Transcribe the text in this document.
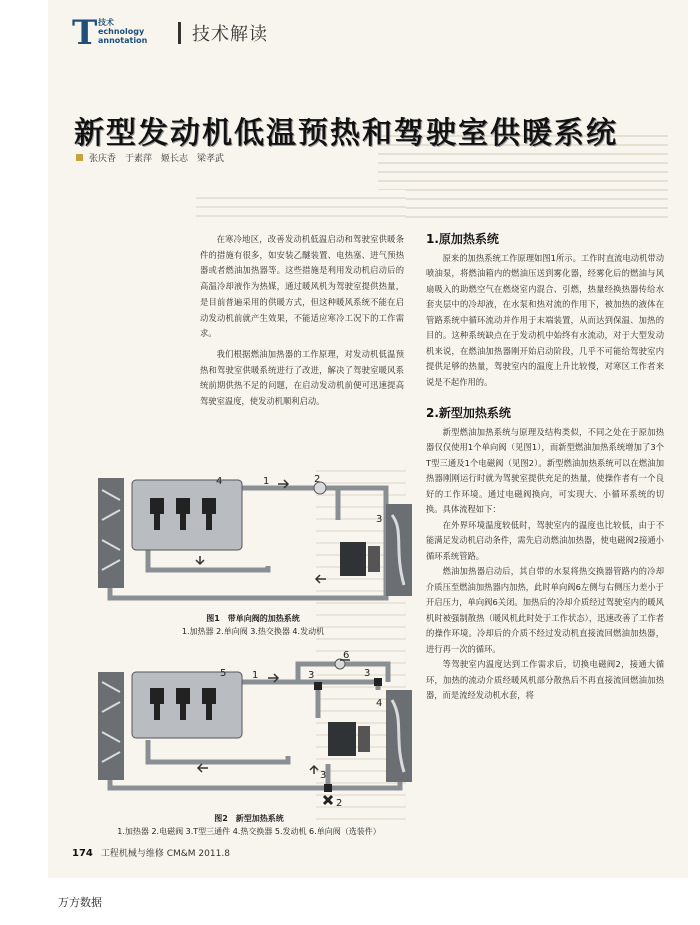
T 技术
echnology
annotation 技术解读
新型发动机低温预热和驾驶室供暖系统
张庆香　于素萍　姬长志　梁孝武

在寒冷地区，改善发动机低温启动和驾驶室供暖条件的措施有很多，如安装乙醚装置、电热塞、进气预热器或者燃油加热器等。这些措施是利用发动机启动后的高温冷却液作为热媒，通过暖风机为驾驶室提供热量，是目前普遍采用的供暖方式，但这种暖风系统不能在启动发动机前就产生效果，不能适应寒冷工况下的工作需求。

我们根据燃油加热器的工作原理，对发动机低温预热和驾驶室供暖系统进行了改进，解决了驾驶室暖风系统前期供热不足的问题，在启动发动机前便可迅速提高驾驶室温度，使发动机顺利启动。

1.原加热系统

原来的加热系统工作原理如图1所示。工作时直流电动机带动喷油泵，将燃油箱内的燃油压送到雾化器，经雾化后的燃油与风扇吸入的助燃空气在燃烧室内混合、引燃，热量经换热器传给水套夹层中的冷却液，在水泵和热对流的作用下，被加热的液体在管路系统中循环流动并作用于末端装置，从而达到保温、加热的目的。这种系统缺点在于发动机中始终有水流动，对于大型发动机来说，在燃油加热器刚开始启动阶段，几乎不可能给驾驶室内提供足够的热量，驾驶室内的温度上升比较慢，对寒区工作者来说是不起作用的。

2.新型加热系统

新型燃油加热系统与原理及结构类似，不同之处在于原加热器仅仅使用1个单向阀（见图1），而新型燃油加热系统增加了3个T型三通及1个电磁阀（见图2）。新型燃油加热系统可以在燃油加热器刚刚运行时就为驾驶室提供充足的热量，使操作者有一个良好的工作环境。通过电磁阀换向，可实现大、小循环系统的切换。具体流程如下：

在外界环境温度较低时，驾驶室内的温度也比较低，由于不能满足发动机启动条件，需先启动燃油加热器，使电磁阀2接通小循环系统管路。

燃油加热器启动后，其自带的水泵将热交换器管路内的冷却介质压至燃油加热器内加热，此时单向阀6左侧与右侧压力差小于开启压力，单向阀6关闭。加热后的冷却介质经过驾驶室内的暖风机时被强制散热（暖风机此时处于工作状态），迅速改善了工作者的操作环境。冷却后的介质不经过发动机直接流回燃油加热器，进行再一次的循环。

等驾驶室内温度达到工作需求后，切换电磁阀2，接通大循环，加热的流动介质经暖风机部分散热后不再直接流回燃油加热器，而是流经发动机水套，将

1	2
3
4
图1　带单向阀的加热系统
1.加热器 2.单向阀 3.热交换器 4.发动机
1
2
3
3
3
4
5
6
图2　新型加热系统
1.加热器 2.电磁阀 3.T型三通件 4.热交换器 5.发动机 6.单向阀（选装件）
174 工程机械与维修 CM&M 2011.8
万方数据
